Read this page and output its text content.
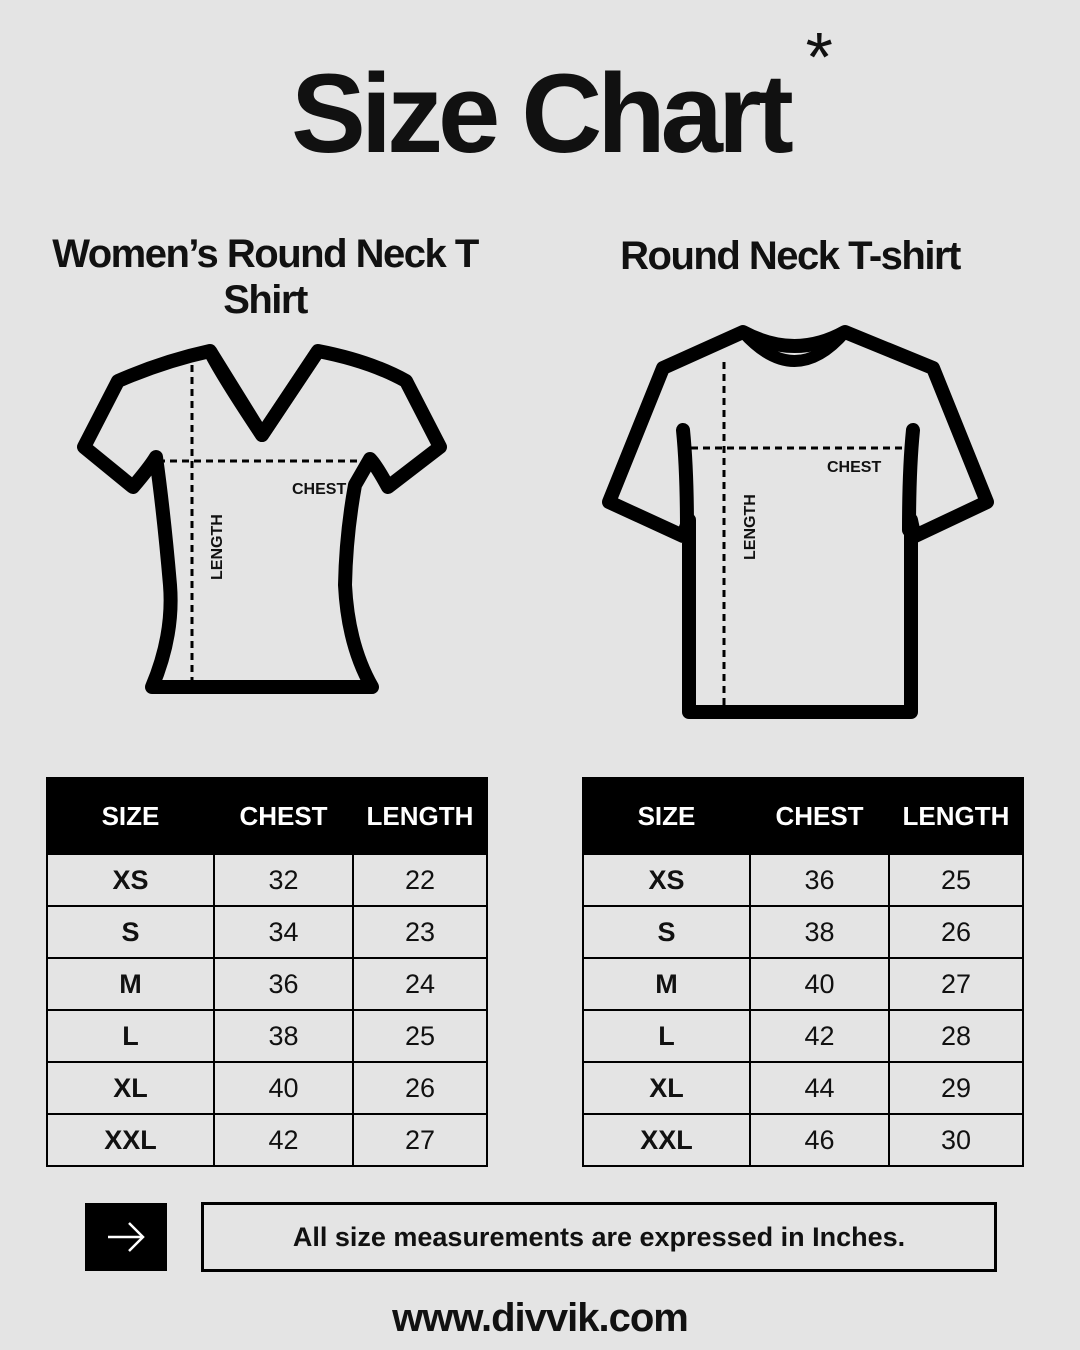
Size Chart *
Women’s Round Neck T Shirt
Round Neck T-shirt
CHEST
LENGTH
CHEST
LENGTH
SIZE	CHEST	LENGTH
XS	32	22
S	34	23
M	36	24
L	38	25
XL	40	26
XXL	42	27
SIZE	CHEST	LENGTH
XS	36	25
S	38	26
M	40	27
L	42	28
XL	44	29
XXL	46	30
All size measurements are expressed in Inches.
www.divvik.com
